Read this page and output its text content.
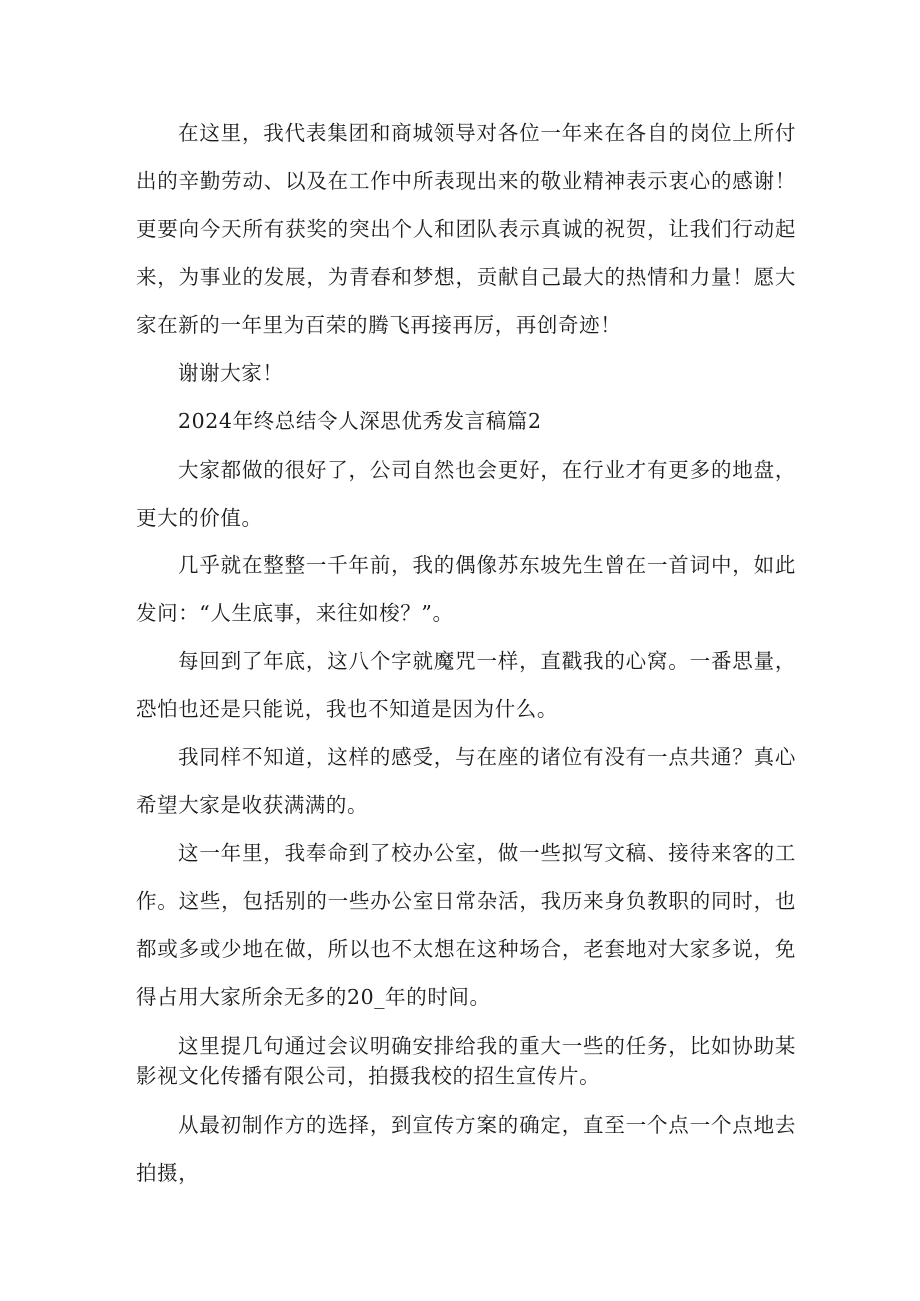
在这里，我代表集团和商城领导对各位一年来在各自的岗位上所付出的辛勤劳动、以及在工作中所表现出来的敬业精神表示衷心的感谢！更要向今天所有获奖的突出个人和团队表示真诚的祝贺，让我们行动起来，为事业的发展，为青春和梦想，贡献自己最大的热情和力量！愿大家在新的一年里为百荣的腾飞再接再厉，再创奇迹！

谢谢大家！

2024年终总结令人深思优秀发言稿篇2

大家都做的很好了，公司自然也会更好，在行业才有更多的地盘，更大的价值。

几乎就在整整一千年前，我的偶像苏东坡先生曾在一首词中，如此发问：“人生底事，来往如梭？”。

每回到了年底，这八个字就魔咒一样，直戳我的心窝。一番思量，恐怕也还是只能说，我也不知道是因为什么。

我同样不知道，这样的感受，与在座的诸位有没有一点共通？真心希望大家是收获满满的。

这一年里，我奉命到了校办公室，做一些拟写文稿、接待来客的工作。这些，包括别的一些办公室日常杂活，我历来身负教职的同时，也都或多或少地在做，所以也不太想在这种场合，老套地对大家多说，免得占用大家所余无多的20_年的时间。

这里提几句通过会议明确安排给我的重大一些的任务，比如协助某影视文化传播有限公司，拍摄我校的招生宣传片。

从最初制作方的选择，到宣传方案的确定，直至一个点一个点地去拍摄，
